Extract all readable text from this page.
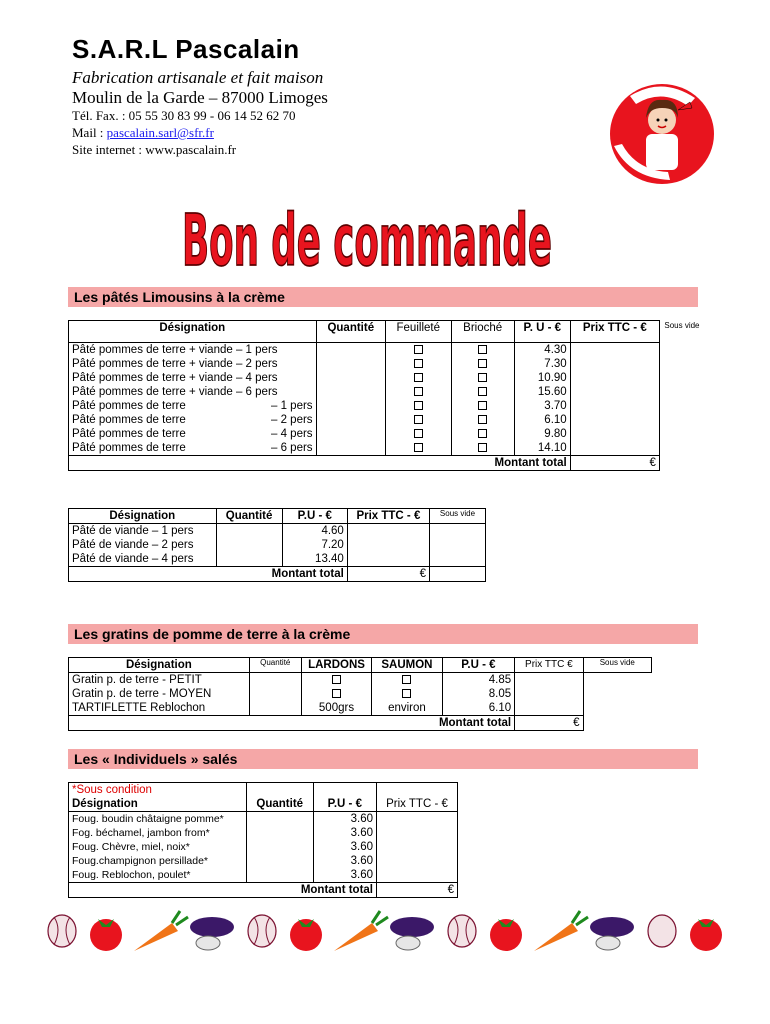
S.A.R.L Pascalain
Fabrication artisanale et fait maison
Moulin de la Garde – 87000 Limoges
Tél. Fax. : 05 55 30 83 99 - 06 14 52 62 70
Mail : pascalain.sarl@sfr.fr
Site internet : www.pascalain.fr
Bon de commande
Les pâtés Limousins à la crème
Désignation	Quantité	Feuilleté	Brioché	P. U - €	Prix TTC - €	Sous vide
Pâté pommes de terre + viande – 1 pers				4.30		
Pâté pommes de terre + viande – 2 pers				7.30		
Pâté pommes de terre + viande – 4 pers				10.90		
Pâté pommes de terre + viande – 6 pers				15.60		
Pâté pommes de terre – 1 pers				3.70		
Pâté pommes de terre – 2 pers				6.10		
Pâté pommes de terre – 4 pers				9.80		
Pâté pommes de terre – 6 pers				14.10		
Montant total					€	
Désignation	Quantité	P.U - €	Prix TTC - €	Sous vide
Pâté de viande – 1 pers		4.60		
Pâté de viande – 2 pers		7.20		
Pâté de viande – 4 pers		13.40		
Montant total			€	
Les gratins de pomme de terre à la crème
Désignation	Quantité	LARDONS	SAUMON	P.U - €	Prix TTC €	Sous vide
Gratin p. de terre - PETIT				4.85		
Gratin p. de terre - MOYEN				8.05		
TARTIFLETTE Reblochon		500grs	environ	6.10		
Montant total					€	
Les « Individuels » salés
*Sous condition			
Désignation	Quantité	P.U - €	Prix TTC - €
Foug. boudin châtaigne pomme*		3.60	
Fog. béchamel, jambon from*		3.60	
Foug. Chèvre, miel, noix*		3.60	
Foug.champignon persillade*		3.60	
Foug. Reblochon, poulet*		3.60	
Montant total			€
